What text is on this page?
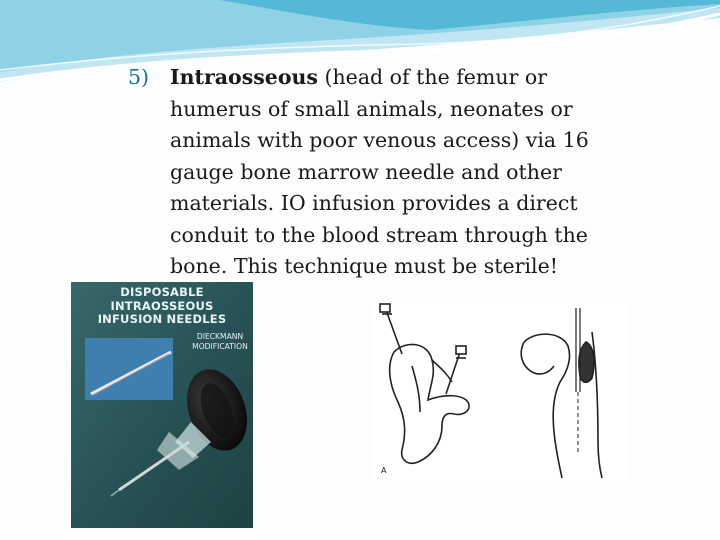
5)	Intraosseous (head of the femur or humerus of small animals, neonates or animals with poor venous access) via 16 gauge bone marrow needle and other materials. IO infusion provides a direct conduit to the blood stream through the bone. This technique must be sterile!
DISPOSABLE
INTRAOSSEOUS
INFUSION NEEDLES
DIECKMANN
MODIFICATION
A
